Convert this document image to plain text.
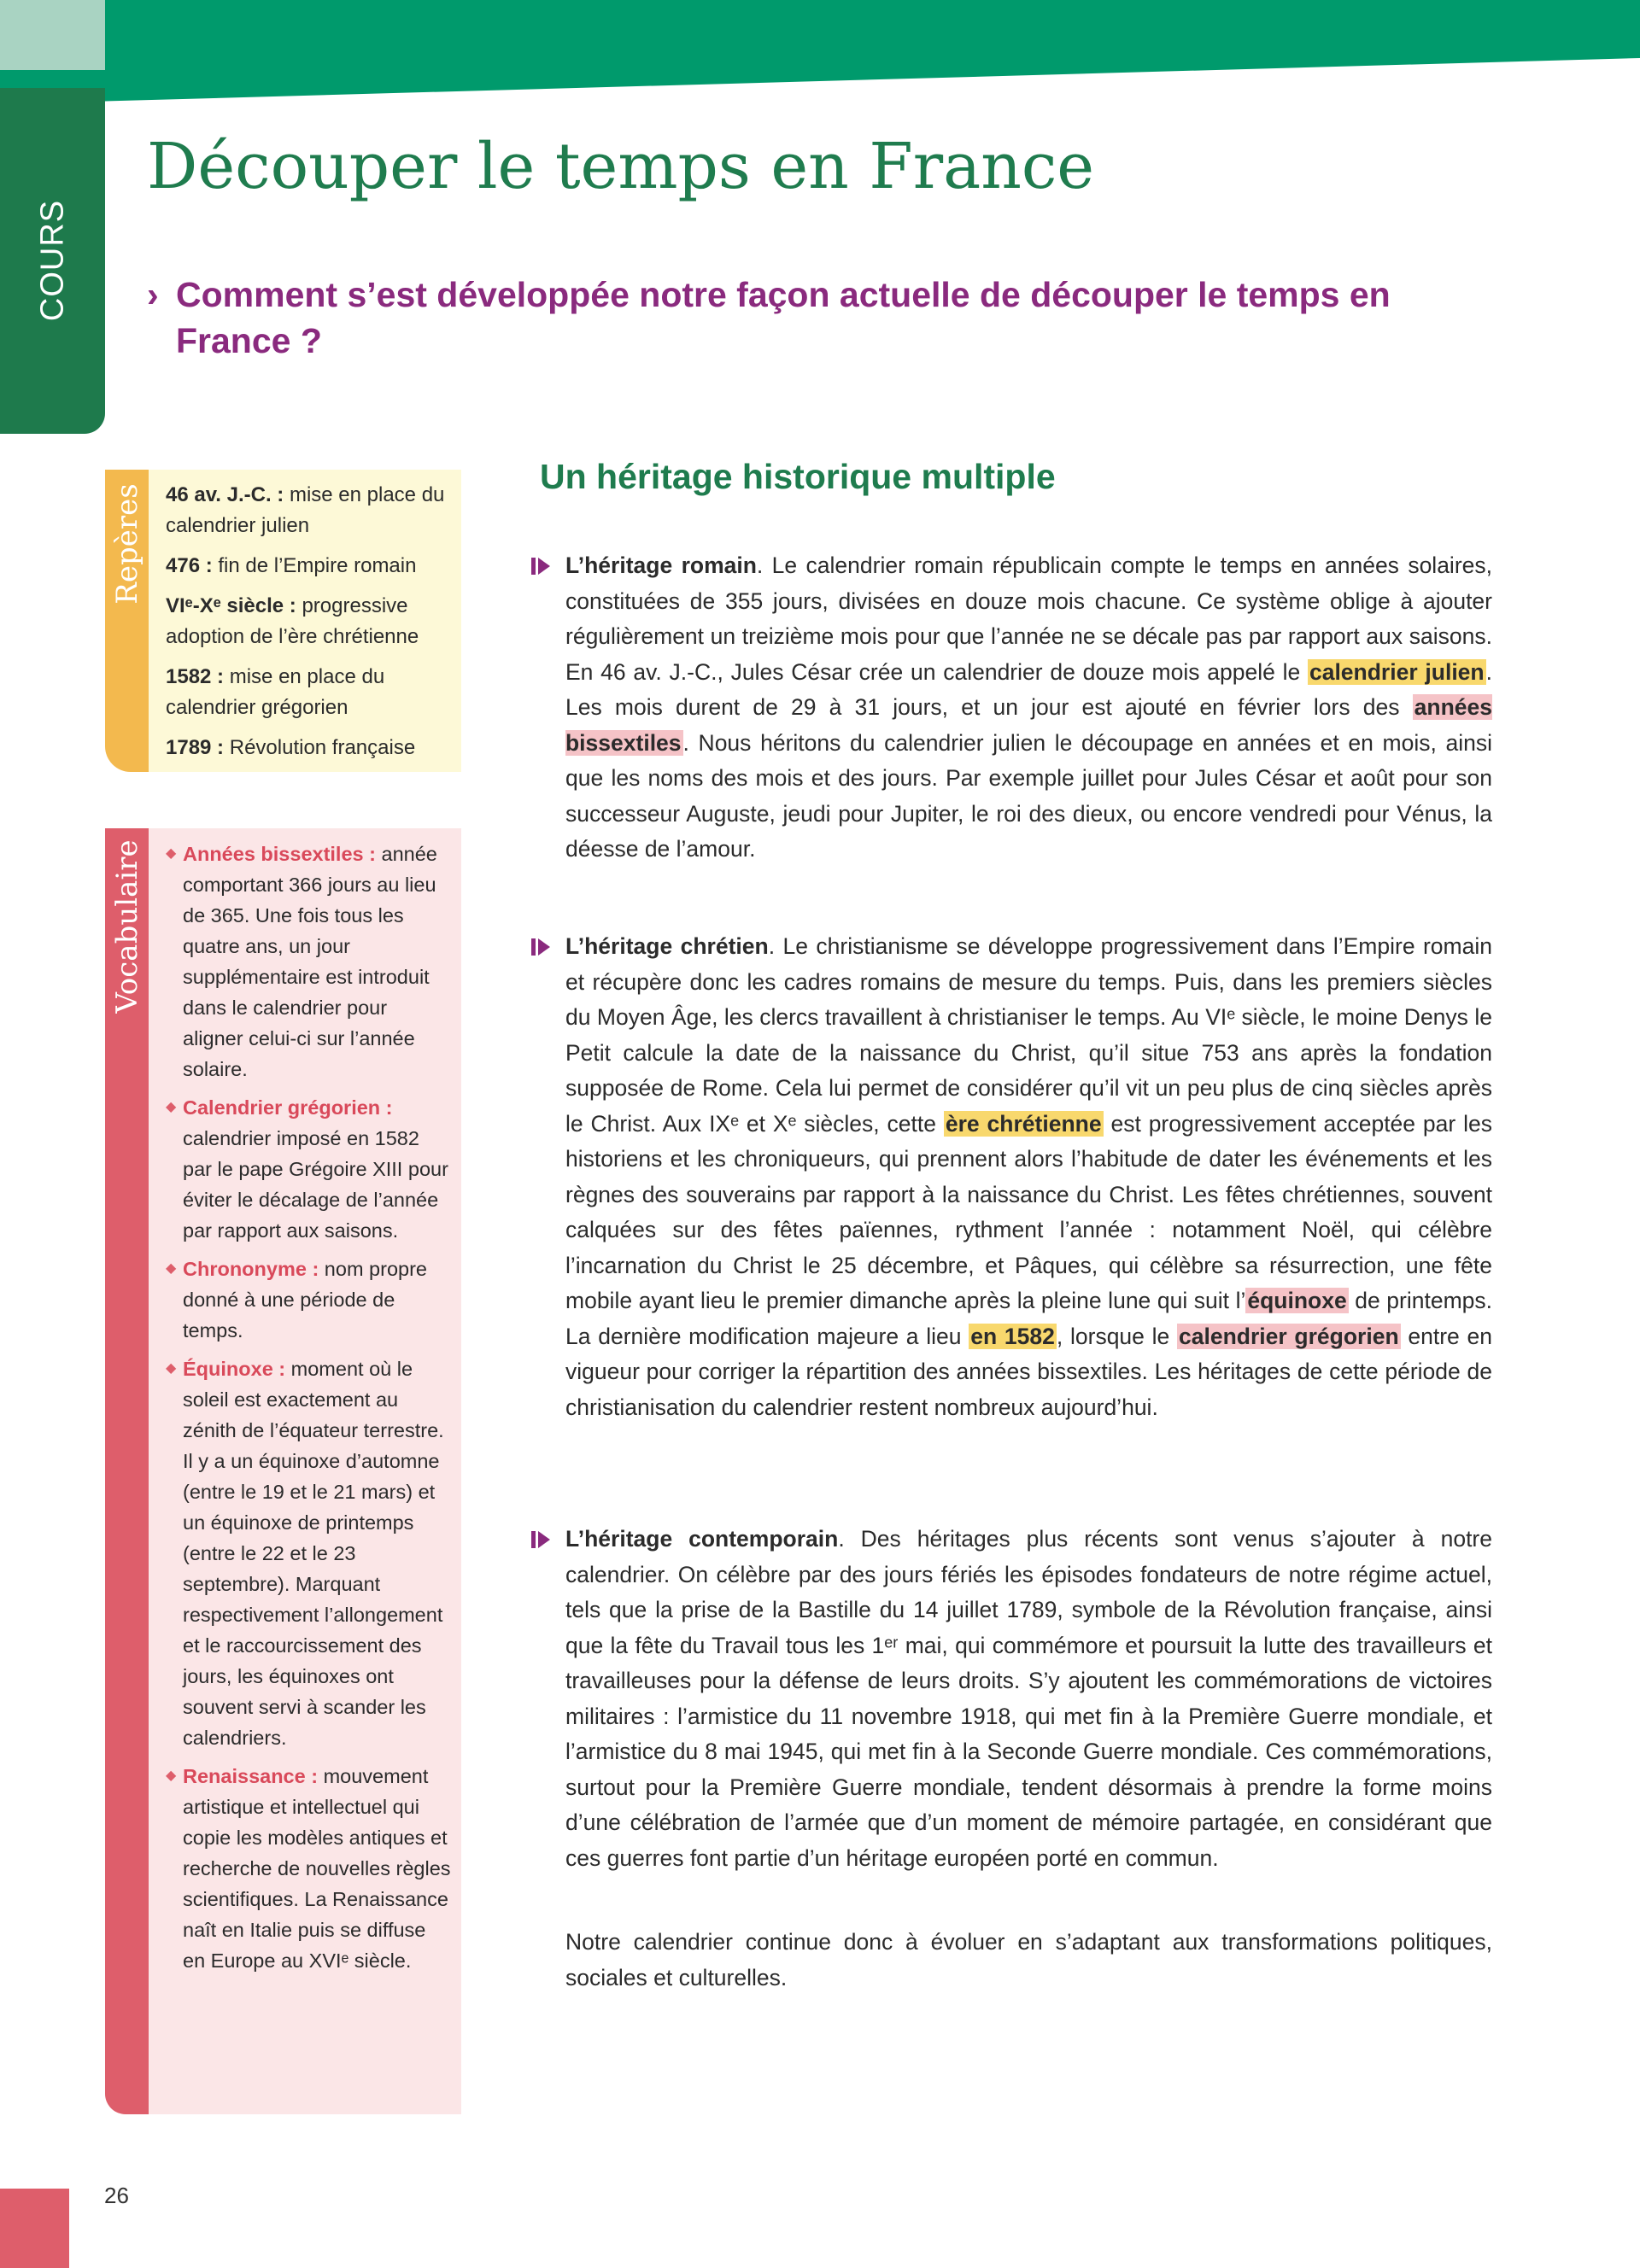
COURS
Découper le temps en France
› Comment s’est développée notre façon actuelle de découper le temps en France ?
Repères 46 av. J.-C. : mise en place du calendrier julien
476 : fin de l’Empire romain
VIᵉ-Xᵉ siècle : progressive adoption de l’ère chrétienne
1582 : mise en place du calendrier grégorien
1789 : Révolution française
Vocabulaire ◆ Années bissextiles : année comportant 366 jours au lieu de 365. Une fois tous les quatre ans, un jour supplémentaire est introduit dans le calendrier pour aligner celui-ci sur l’année solaire.
◆ Calendrier grégorien : calendrier imposé en 1582 par le pape Grégoire XIII pour éviter le décalage de l’année par rapport aux saisons.
◆ Chrononyme : nom propre donné à une période de temps.
◆ Équinoxe : moment où le soleil est exactement au zénith de l’équateur terrestre. Il y a un équinoxe d’automne (entre le 19 et le 21 mars) et un équinoxe de printemps (entre le 22 et le 23 septembre). Marquant respectivement l’allongement et le raccourcissement des jours, les équinoxes ont souvent servi à scander les calendriers.
◆ Renaissance : mouvement artistique et intellectuel qui copie les modèles antiques et recherche de nouvelles règles scientifiques. La Renaissance naît en Italie puis se diffuse en Europe au XVIᵉ siècle.
Un héritage historique multiple
L’héritage romain. Le calendrier romain républicain compte le temps en années solaires, constituées de 355 jours, divisées en douze mois chacune. Ce système oblige à ajouter régulièrement un treizième mois pour que l’année ne se décale pas par rapport aux saisons. En 46 av. J.-C., Jules César crée un calendrier de douze mois appelé le calendrier julien. Les mois durent de 29 à 31 jours, et un jour est ajouté en février lors des années bissextiles. Nous héritons du calendrier julien le découpage en années et en mois, ainsi que les noms des mois et des jours. Par exemple juillet pour Jules César et août pour son successeur Auguste, jeudi pour Jupiter, le roi des dieux, ou encore vendredi pour Vénus, la déesse de l’amour.
L’héritage chrétien. Le christianisme se développe progressivement dans l’Empire romain et récupère donc les cadres romains de mesure du temps. Puis, dans les premiers siècles du Moyen Âge, les clercs travaillent à christianiser le temps. Au VIᵉ siècle, le moine Denys le Petit calcule la date de la naissance du Christ, qu’il situe 753 ans après la fondation supposée de Rome. Cela lui permet de considérer qu’il vit un peu plus de cinq siècles après le Christ. Aux IXᵉ et Xᵉ siècles, cette ère chrétienne est progressivement acceptée par les historiens et les chroniqueurs, qui prennent alors l’habitude de dater les événements et les règnes des souverains par rapport à la naissance du Christ. Les fêtes chrétiennes, souvent calquées sur des fêtes païennes, rythment l’année : notamment Noël, qui célèbre l’incarnation du Christ le 25 décembre, et Pâques, qui célèbre sa résurrection, une fête mobile ayant lieu le premier dimanche après la pleine lune qui suit l’équinoxe de printemps. La dernière modification majeure a lieu en 1582, lorsque le calendrier grégorien entre en vigueur pour corriger la répartition des années bissextiles. Les héritages de cette période de christianisation du calendrier restent nombreux aujourd’hui.
L’héritage contemporain. Des héritages plus récents sont venus s’ajouter à notre calendrier. On célèbre par des jours fériés les épisodes fondateurs de notre régime actuel, tels que la prise de la Bastille du 14 juillet 1789, symbole de la Révolution française, ainsi que la fête du Travail tous les 1ᵉʳ mai, qui commémore et poursuit la lutte des travailleurs et travailleuses pour la défense de leurs droits. S’y ajoutent les commémorations de victoires militaires : l’armistice du 11 novembre 1918, qui met fin à la Première Guerre mondiale, et l’armistice du 8 mai 1945, qui met fin à la Seconde Guerre mondiale. Ces commémorations, surtout pour la Première Guerre mondiale, tendent désormais à prendre la forme moins d’une célébration de l’armée que d’un moment de mémoire partagée, en considérant que ces guerres font partie d’un héritage européen porté en commun.
Notre calendrier continue donc à évoluer en s’adaptant aux transformations politiques, sociales et culturelles.
26
